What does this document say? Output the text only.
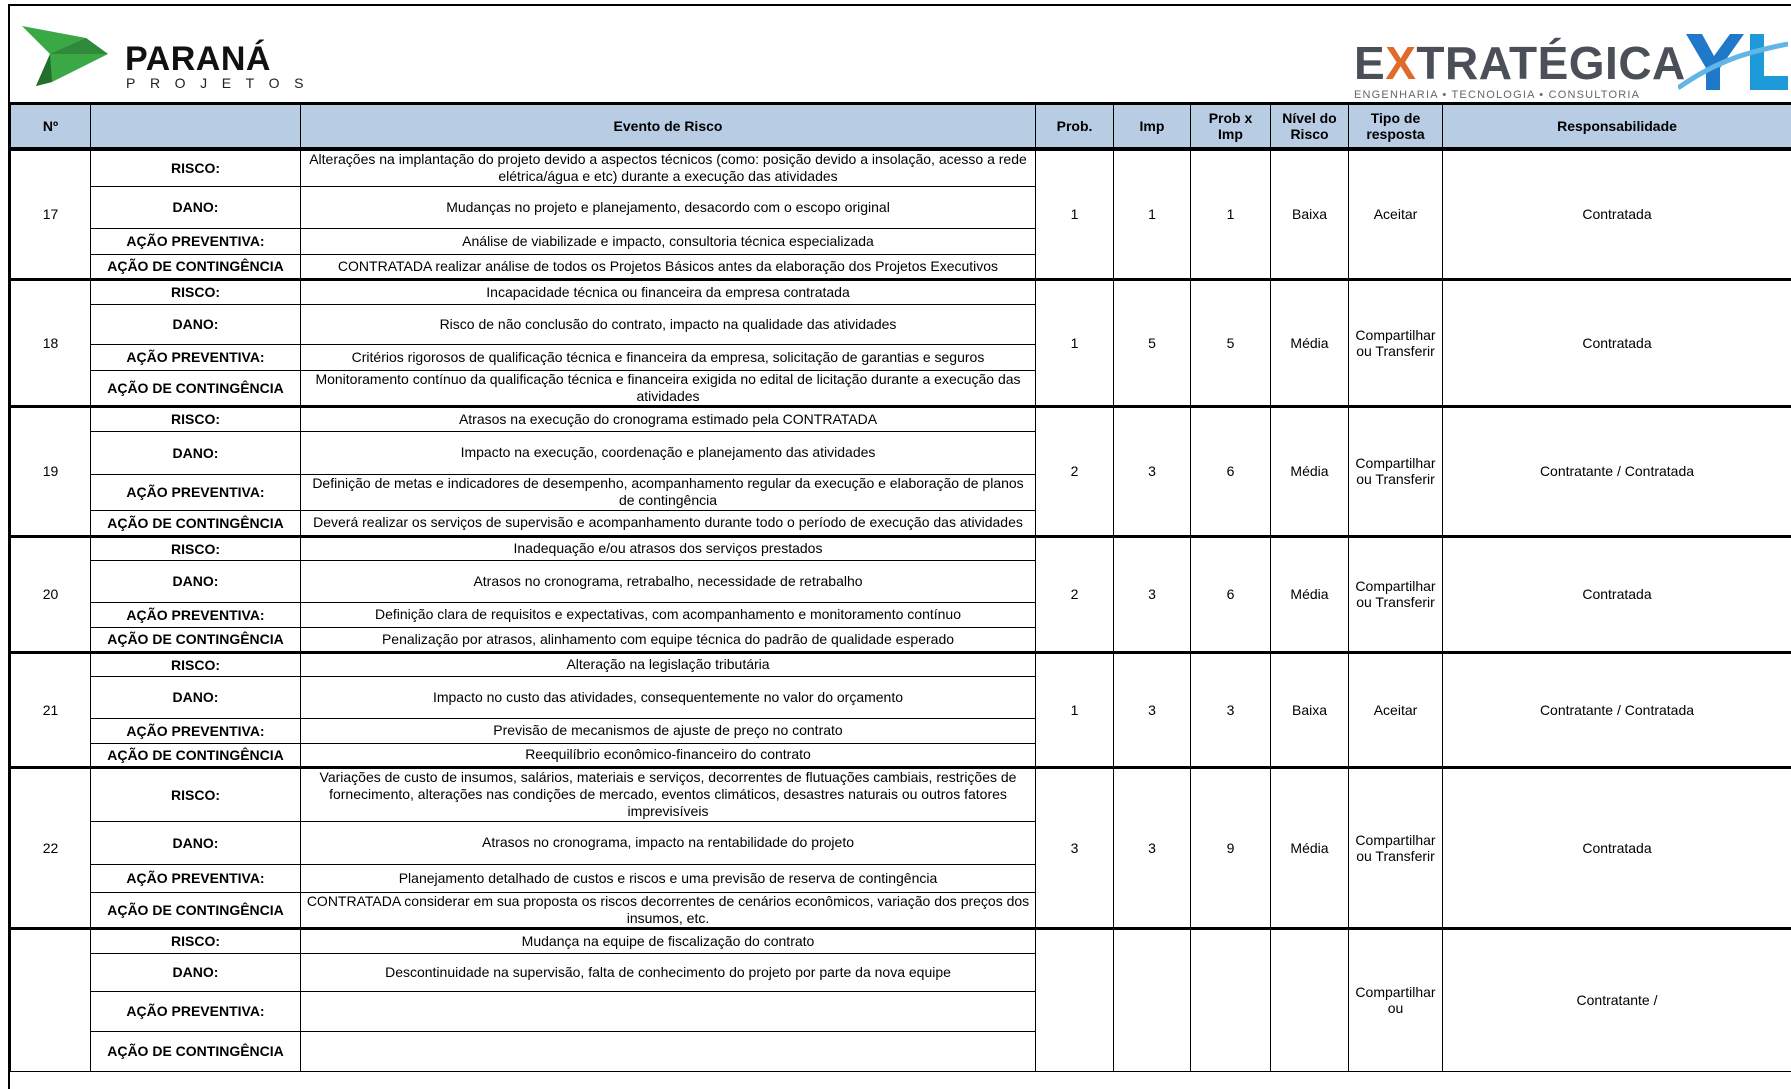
PARANÁ
PROJETOS	EXTRATÉGICA
ENGENHARIA • TECNOLOGIA • CONSULTORIA
Nº		Evento de Risco	Prob.	Imp	Prob x Imp	Nível do Risco	Tipo de resposta	Responsabilidade
17	RISCO:	Alterações na implantação do projeto devido a aspectos técnicos (como: posição devido a insolação, acesso a rede elétrica/água e etc) durante a execução das atividades	1	1	1	Baixa	Aceitar	Contratada
	DANO:	Mudanças no projeto e planejamento, desacordo com o escopo original						
	AÇÃO PREVENTIVA:	Análise de viabilizade e impacto, consultoria técnica especializada						
	AÇÃO DE CONTINGÊNCIA	CONTRATADA realizar análise de todos os Projetos Básicos antes da elaboração dos Projetos Executivos						
18	RISCO:	Incapacidade técnica ou financeira da empresa contratada	1	5	5	Média	Compartilhar ou Transferir	Contratada
	DANO:	Risco de não conclusão do contrato, impacto na qualidade das atividades						
	AÇÃO PREVENTIVA:	Critérios rigorosos de qualificação técnica e financeira da empresa, solicitação de garantias e seguros						
	AÇÃO DE CONTINGÊNCIA	Monitoramento contínuo da qualificação técnica e financeira exigida no edital de licitação durante a execução das atividades						
19	RISCO:	Atrasos na execução do cronograma estimado pela CONTRATADA	2	3	6	Média	Compartilhar ou Transferir	Contratante / Contratada
	DANO:	Impacto na execução, coordenação e planejamento das atividades						
	AÇÃO PREVENTIVA:	Definição de metas e indicadores de desempenho, acompanhamento regular da execução e elaboração de planos de contingência						
	AÇÃO DE CONTINGÊNCIA	Deverá realizar os serviços de supervisão e acompanhamento durante todo o período de execução das atividades						
20	RISCO:	Inadequação e/ou atrasos dos serviços prestados	2	3	6	Média	Compartilhar ou Transferir	Contratada
	DANO:	Atrasos no cronograma, retrabalho, necessidade de retrabalho						
	AÇÃO PREVENTIVA:	Definição clara de requisitos e expectativas, com acompanhamento e monitoramento contínuo						
	AÇÃO DE CONTINGÊNCIA	Penalização por atrasos, alinhamento com equipe técnica do padrão de qualidade esperado						
21	RISCO:	Alteração na legislação tributária	1	3	3	Baixa	Aceitar	Contratante / Contratada
	DANO:	Impacto no custo das atividades, consequentemente no valor do orçamento						
	AÇÃO PREVENTIVA:	Previsão de mecanismos de ajuste de preço no contrato						
	AÇÃO DE CONTINGÊNCIA	Reequilíbrio econômico-financeiro do contrato						
22	RISCO:	Variações de custo de insumos, salários, materiais e serviços, decorrentes de flutuações cambiais, restrições de fornecimento, alterações nas condições de mercado, eventos climáticos, desastres naturais ou outros fatores imprevisíveis	3	3	9	Média	Compartilhar ou Transferir	Contratada
	DANO:	Atrasos no cronograma, impacto na rentabilidade do projeto						
	AÇÃO PREVENTIVA:	Planejamento detalhado de custos e riscos e uma previsão de reserva de contingência						
	AÇÃO DE CONTINGÊNCIA	CONTRATADA considerar em sua proposta os riscos decorrentes de cenários econômicos, variação dos preços dos insumos, etc.						
	RISCO:	Mudança na equipe de fiscalização do contrato					Compartilhar ou	Contratante /
	DANO:	Descontinuidade na supervisão, falta de conhecimento do projeto por parte da nova equipe						
	AÇÃO PREVENTIVA:							
	AÇÃO DE CONTINGÊNCIA							
